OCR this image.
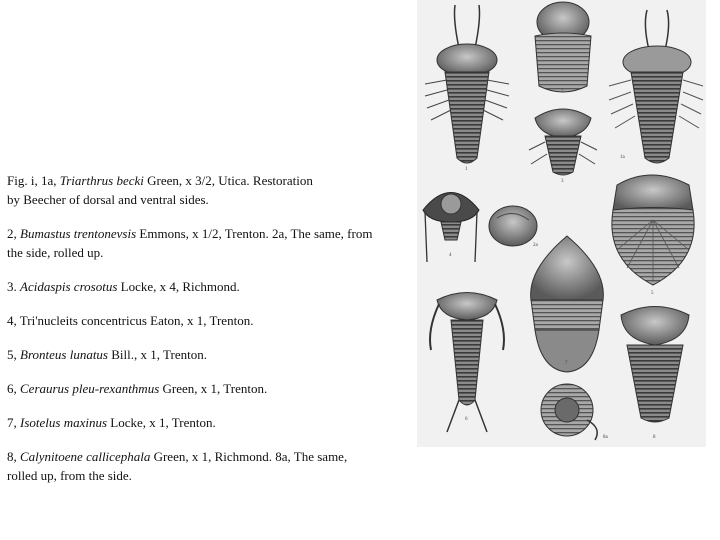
Fig. i, 1a, Triarthrus becki Green, x 3/2, Utica. Restoration
by Beecher of dorsal and ventral sides.

2, Bumastus trentonevsis Emmons, x 1/2, Trenton. 2a, The same, from
the side, rolled up.

3. Acidaspis crosotus Locke, x 4, Richmond.

4, Tri'nucleits concentricus Eaton, x 1, Trenton.

5, Bronteus lunatus Bill., x 1, Trenton.

6, Ceraurus pleu-rexanthmus Green, x 1, Trenton.

7, Isotelus maxinus Locke, x 1, Trenton.

8, Calynitoene callicephala Green, x 1, Richmond. 8a, The same,
rolled up, from the side.

1
2
1a
3
4
2a
5
6
7
8
8a
